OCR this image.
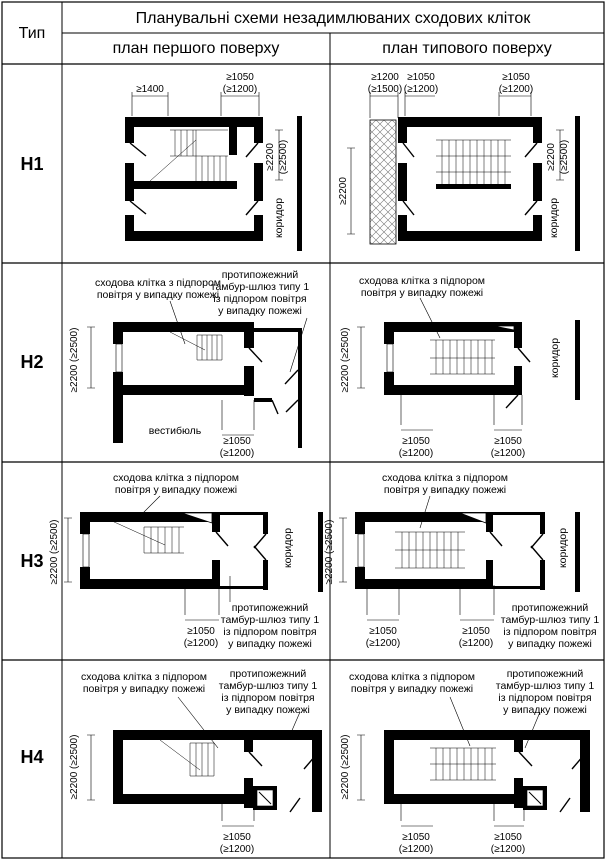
Тип
Планувальні схеми незадимлюваних сходових кліток
план першого поверху	план типового поверху
Н1
Н2
Н3
Н4
≥1400
≥1050
(≥1200)
≥2200 (≥2500)
коридор
≥1200
(≥1500)
≥1050
(≥1200)
≥1050
(≥1200)
≥2200
≥2200 (≥2500)
коридор
≥2200 (≥2500)
≥1050
(≥1200)
вестибюль
сходова клітка з підпором
повітря у випадку пожежі
протипожежний
тамбур-шлюз типу 1
із підпором повітря
у випадку пожежі
≥2200 (≥2500)
≥1050
(≥1200)
≥1050
(≥1200)
коридор
сходова клітка з підпором
повітря у випадку пожежі
≥2200 (≥2500)
≥1050
(≥1200)
коридор
сходова клітка з підпором
повітря у випадку пожежі
протипожежний
тамбур-шлюз типу 1
із підпором повітря
у випадку пожежі
≥2200 (≥2500)
≥1050
(≥1200)
≥1050
(≥1200)
коридор
сходова клітка з підпором
повітря у випадку пожежі
протипожежний
тамбур-шлюз типу 1
із підпором повітря
у випадку пожежі
≥2200 (≥2500)
≥1050
(≥1200)
сходова клітка з підпором
повітря у випадку пожежі
протипожежний
тамбур-шлюз типу 1
із підпором повітря
у випадку пожежі
≥2200 (≥2500)
≥1050
(≥1200)
≥1050
(≥1200)
сходова клітка з підпором
повітря у випадку пожежі
протипожежний
тамбур-шлюз типу 1
із підпором повітря
у випадку пожежі
